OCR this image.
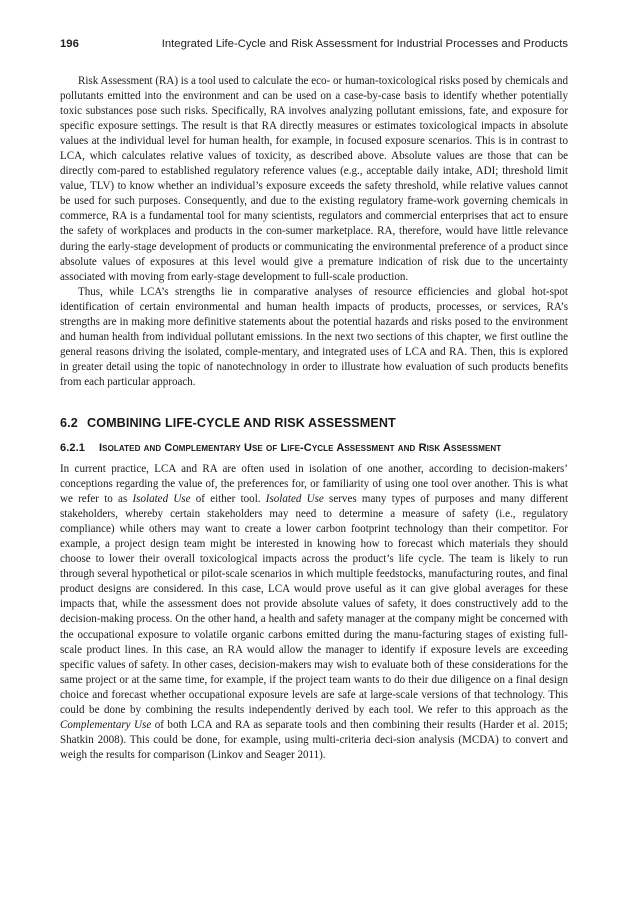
196	Integrated Life-Cycle and Risk Assessment for Industrial Processes and Products

Risk Assessment (RA) is a tool used to calculate the eco- or human-toxicological risks posed by chemicals and pollutants emitted into the environment and can be used on a case-by-case basis to identify whether potentially toxic substances pose such risks. Specifically, RA involves analyzing pollutant emissions, fate, and exposure for specific exposure settings. The result is that RA directly measures or estimates toxicological impacts in absolute values at the individual level for human health, for example, in focused exposure scenarios. This is in contrast to LCA, which calculates relative values of toxicity, as described above. Absolute values are those that can be directly com-pared to established regulatory reference values (e.g., acceptable daily intake, ADI; threshold limit value, TLV) to know whether an individual’s exposure exceeds the safety threshold, while relative values cannot be used for such purposes. Consequently, and due to the existing regulatory frame-work governing chemicals in commerce, RA is a fundamental tool for many scientists, regulators and commercial enterprises that act to ensure the safety of workplaces and products in the con-sumer marketplace. RA, therefore, would have little relevance during the early-stage development of products or communicating the environmental preference of a product since absolute values of exposures at this level would give a premature indication of risk due to the uncertainty associated with moving from early-stage development to full-scale production.

Thus, while LCA’s strengths lie in comparative analyses of resource efficiencies and global hot-spot identification of certain environmental and human health impacts of products, processes, or services, RA’s strengths are in making more definitive statements about the potential hazards and risks posed to the environment and human health from individual pollutant emissions. In the next two sections of this chapter, we first outline the general reasons driving the isolated, comple-mentary, and integrated uses of LCA and RA. Then, this is explored in greater detail using the topic of nanotechnology in order to illustrate how evaluation of such products benefits from each particular approach.

6.2 COMBINING LIFE-CYCLE AND RISK ASSESSMENT
6.2.1 Isolated and Complementary Use of Life-Cycle Assessment and Risk Assessment

In current practice, LCA and RA are often used in isolation of one another, according to decision-makers’ conceptions regarding the value of, the preferences for, or familiarity of using one tool over another. This is what we refer to as Isolated Use of either tool. Isolated Use serves many types of purposes and many different stakeholders, whereby certain stakeholders may need to determine a measure of safety (i.e., regulatory compliance) while others may want to create a lower carbon footprint technology than their competitor. For example, a project design team might be interested in knowing how to forecast which materials they should choose to lower their overall toxicological impacts across the product’s life cycle. The team is likely to run through several hypothetical or pilot-scale scenarios in which multiple feedstocks, manufacturing routes, and final product designs are considered. In this case, LCA would prove useful as it can give global averages for these impacts that, while the assessment does not provide absolute values of safety, it does constructively add to the decision-making process. On the other hand, a health and safety manager at the company might be concerned with the occupational exposure to volatile organic carbons emitted during the manu-facturing stages of existing full-scale product lines. In this case, an RA would allow the manager to identify if exposure levels are exceeding specific values of safety. In other cases, decision-makers may wish to evaluate both of these considerations for the same project or at the same time, for example, if the project team wants to do their due diligence on a final design choice and forecast whether occupational exposure levels are safe at large-scale versions of that technology. This could be done by combining the results independently derived by each tool. We refer to this approach as the Complementary Use of both LCA and RA as separate tools and then combining their results (Harder et al. 2015; Shatkin 2008). This could be done, for example, using multi-criteria deci-sion analysis (MCDA) to convert and weigh the results for comparison (Linkov and Seager 2011).
